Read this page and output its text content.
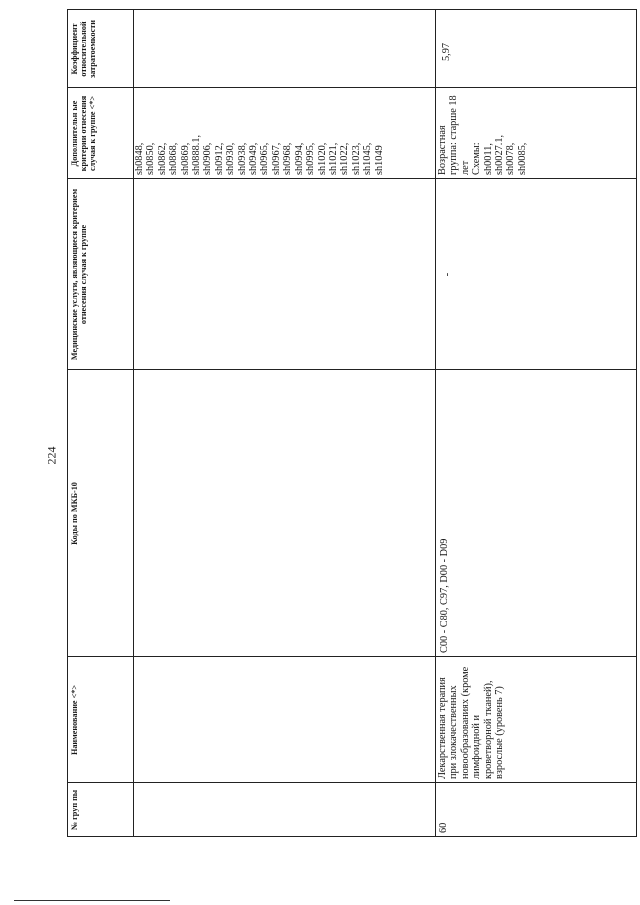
224
№ груп пы
Наименование <*>
Коды по МКБ-10
Медицинские услуги, являющиеся критерием отнесения случая к группе
Дополнительн ые критерии отнесения случая к группе <*>
Коэффициент относительной затратоемкости
sh0848,
sh0850,
sh0862,
sh0868,
sh0869,
sh0888.1,
sh0906,
sh0912,
sh0930,
sh0938,
sh0949,
sh0965,
sh0967,
sh0968,
sh0994,
sh0995,
sh1020,
sh1021,
sh1022,
sh1023,
sh1045,
sh1049
60
Лекарственная терапия при злокачественных новообразованиях (кроме лимфоидной и кроветворной тканей), взрослые (уровень 7)
C00 - C80, C97, D00 - D09
-
Возрастная группа: старше 18 лет
Схемы:
sh0011,
sh0027.1,
sh0078,
sh0085,
5,97
